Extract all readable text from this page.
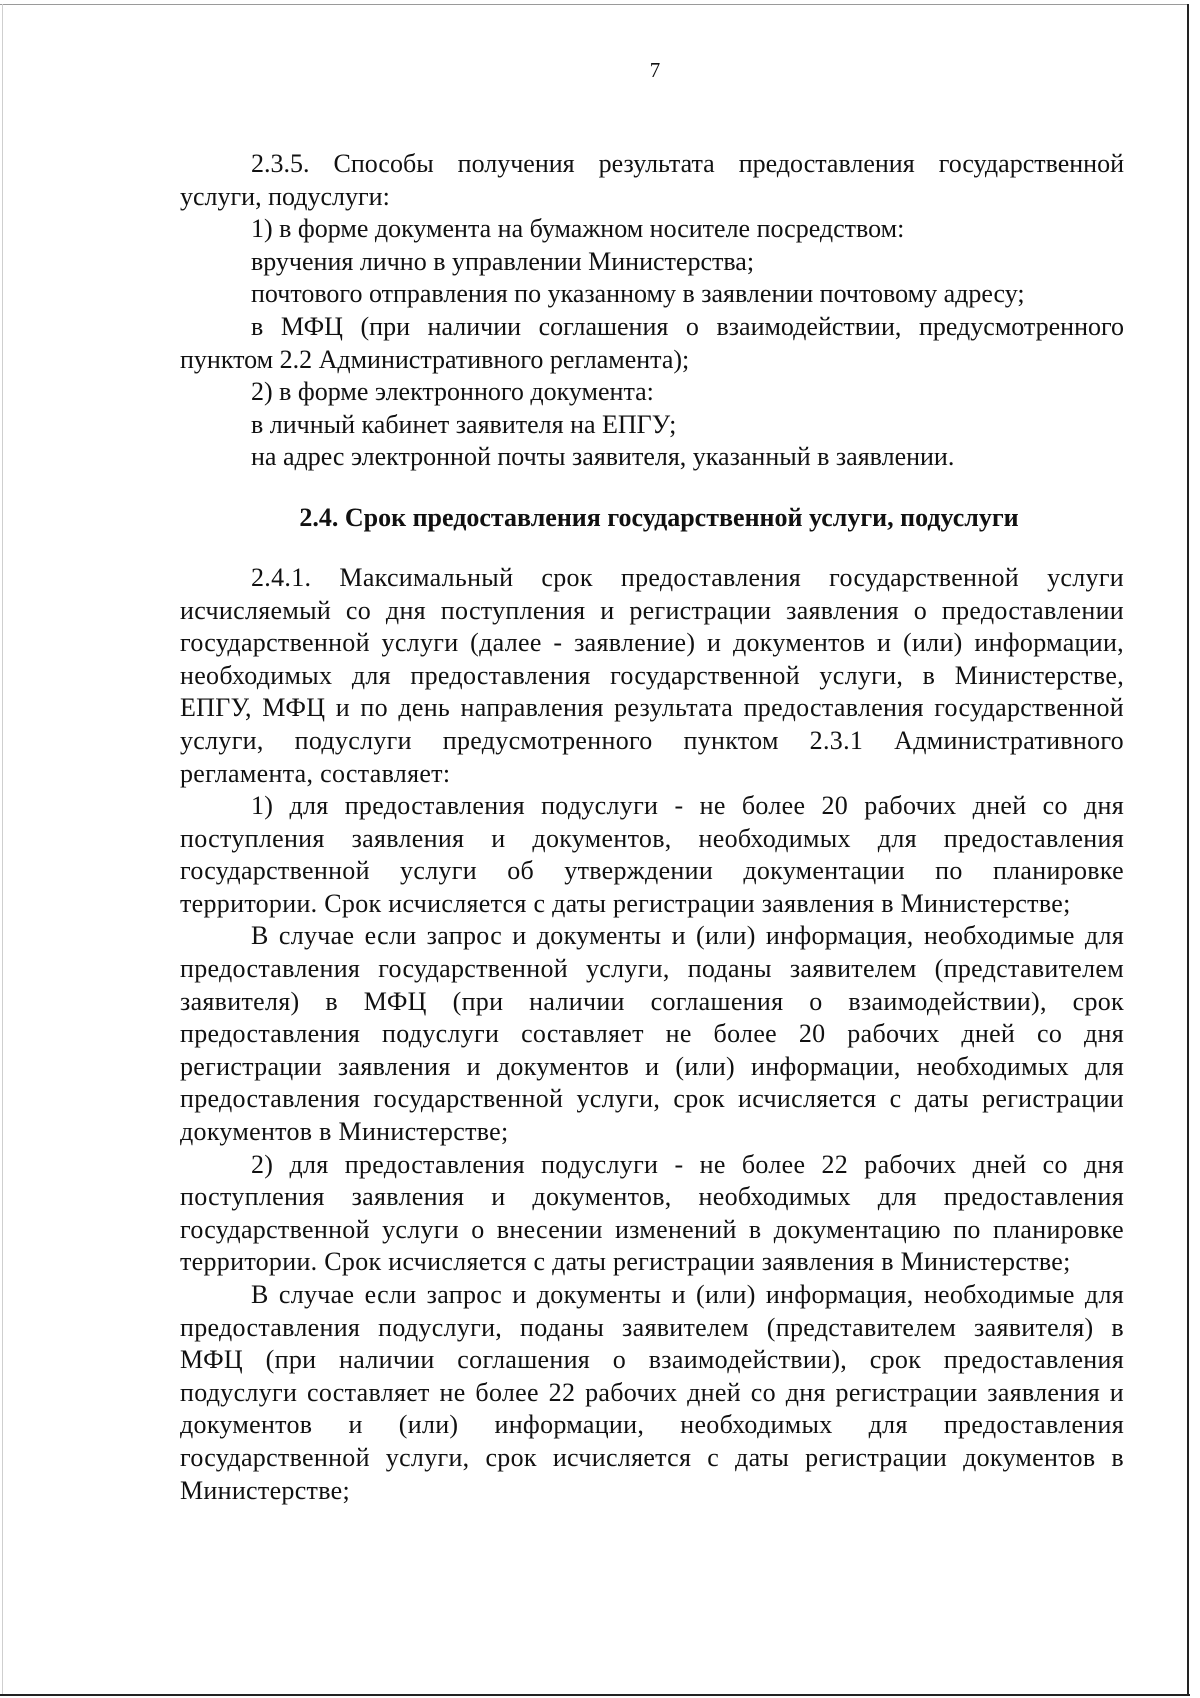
7

2.3.5. Способы получения результата предоставления государственной услуги, подуслуги:

1) в форме документа на бумажном носителе посредством:

вручения лично в управлении Министерства;

почтового отправления по указанному в заявлении почтовому адресу;

в МФЦ (при наличии соглашения о взаимодействии, предусмотренного пунктом 2.2 Административного регламента);

2) в форме электронного документа:

в личный кабинет заявителя на ЕПГУ;

на адрес электронной почты заявителя, указанный в заявлении.

2.4. Срок предоставления государственной услуги, подуслуги

2.4.1. Максимальный срок предоставления государственной услуги исчисляемый со дня поступления и регистрации заявления о предоставлении государственной услуги (далее - заявление) и документов и (или) информации, необходимых для предоставления государственной услуги, в Министерстве, ЕПГУ, МФЦ и по день направления результата предоставления государственной услуги, подуслуги предусмотренного пунктом 2.3.1 Административного регламента, составляет:

1) для предоставления подуслуги - не более 20 рабочих дней со дня поступления заявления и документов, необходимых для предоставления государственной услуги об утверждении документации по планировке территории. Срок исчисляется с даты регистрации заявления в Министерстве;

В случае если запрос и документы и (или) информация, необходимые для предоставления государственной услуги, поданы заявителем (представителем заявителя) в МФЦ (при наличии соглашения о взаимодействии), срок предоставления подуслуги составляет не более 20 рабочих дней со дня регистрации заявления и документов и (или) информации, необходимых для предоставления государственной услуги, срок исчисляется с даты регистрации документов в Министерстве;

2) для предоставления подуслуги - не более 22 рабочих дней со дня поступления заявления и документов, необходимых для предоставления государственной услуги о внесении изменений в документацию по планировке территории. Срок исчисляется с даты регистрации заявления в Министерстве;

В случае если запрос и документы и (или) информация, необходимые для предоставления подуслуги, поданы заявителем (представителем заявителя) в МФЦ (при наличии соглашения о взаимодействии), срок предоставления подуслуги составляет не более 22 рабочих дней со дня регистрации заявления и документов и (или) информации, необходимых для предоставления государственной услуги, срок исчисляется с даты регистрации документов в Министерстве;
